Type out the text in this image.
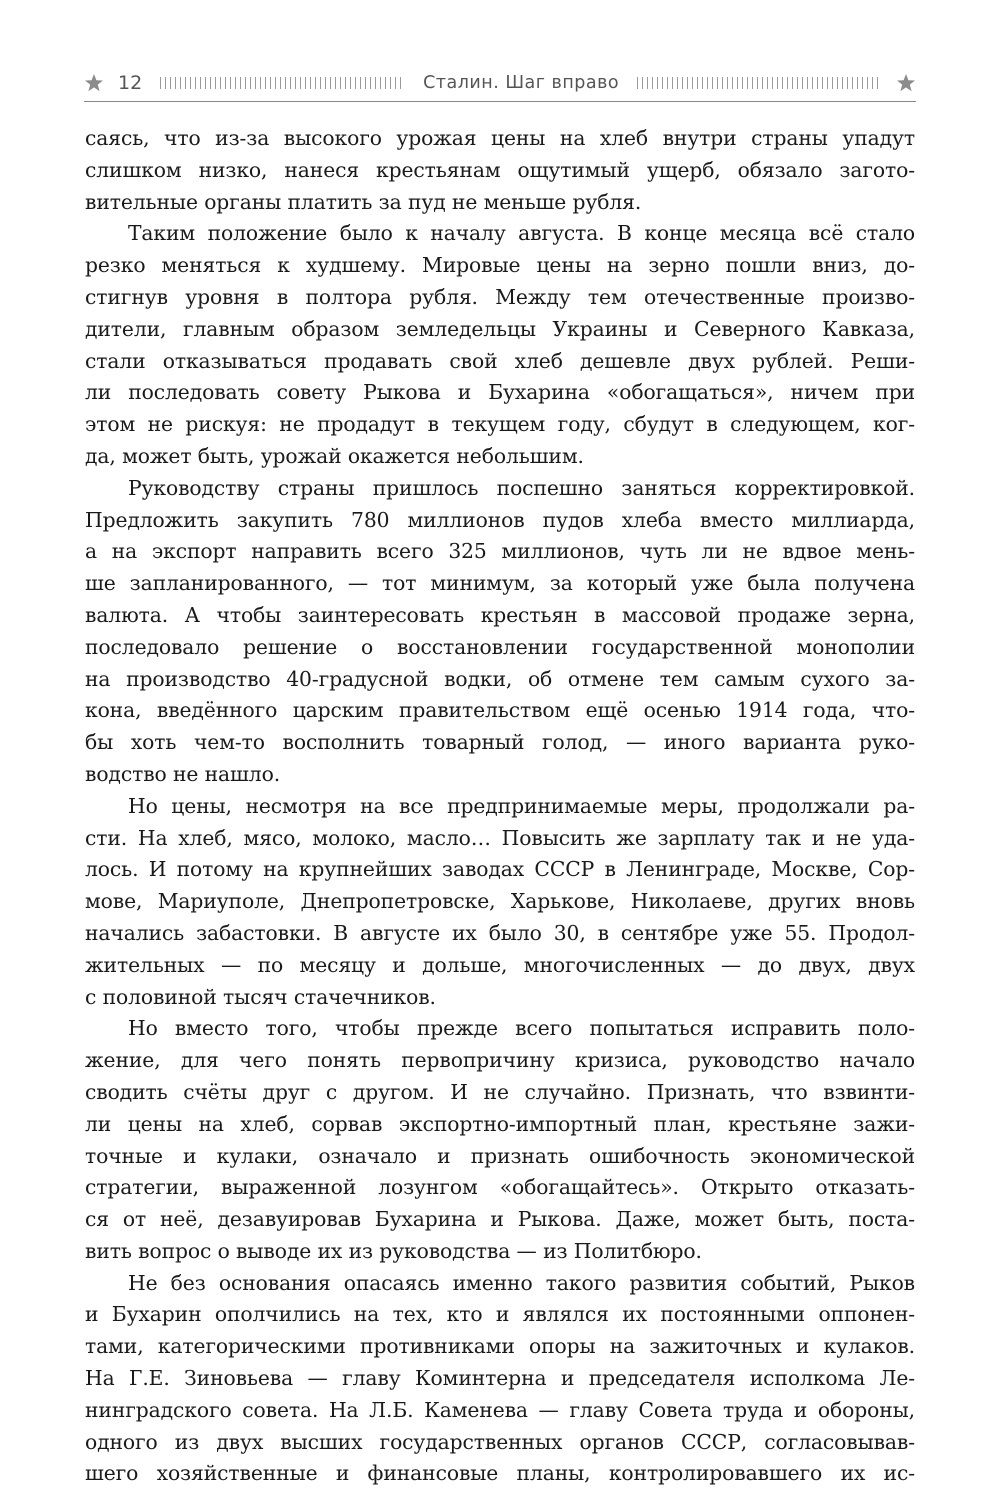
12	Сталин. Шаг вправо
саясь, что из-за высокого урожая цены на хлеб внутри страны упадут
слишком низко, нанеся крестьянам ощутимый ущерб, обязало загото-
вительные органы платить за пуд не меньше рубля.
Таким положение было к началу августа. В конце месяца всё стало
резко меняться к худшему. Мировые цены на зерно пошли вниз, до-
стигнув уровня в полтора рубля. Между тем отечественные произво-
дители, главным образом земледельцы Украины и Северного Кавказа,
стали отказываться продавать свой хлеб дешевле двух рублей. Реши-
ли последовать совету Рыкова и Бухарина «обогащаться», ничем при
этом не рискуя: не продадут в текущем году, сбудут в следующем, ког-
да, может быть, урожай окажется небольшим.
Руководству страны пришлось поспешно заняться корректировкой.
Предложить закупить 780 миллионов пудов хлеба вместо миллиарда,
а на экспорт направить всего 325 миллионов, чуть ли не вдвое мень-
ше запланированного, — тот минимум, за который уже была получена
валюта. А чтобы заинтересовать крестьян в массовой продаже зерна,
последовало решение о восстановлении государственной монополии
на производство 40-градусной водки, об отмене тем самым сухого за-
кона, введённого царским правительством ещё осенью 1914 года, что-
бы хоть чем-то восполнить товарный голод, — иного варианта руко-
водство не нашло.
Но цены, несмотря на все предпринимаемые меры, продолжали ра-
сти. На хлеб, мясо, молоко, масло… Повысить же зарплату так и не уда-
лось. И потому на крупнейших заводах СССР в Ленинграде, Москве, Сор-
мове, Мариуполе, Днепропетровске, Харькове, Николаеве, других вновь
начались забастовки. В августе их было 30, в сентябре уже 55. Продол-
жительных — по месяцу и дольше, многочисленных — до двух, двух
с половиной тысяч стачечников.
Но вместо того, чтобы прежде всего попытаться исправить поло-
жение, для чего понять первопричину кризиса, руководство начало
сводить счёты друг с другом. И не случайно. Признать, что взвинти-
ли цены на хлеб, сорвав экспортно-импортный план, крестьяне зажи-
точные и кулаки, означало и признать ошибочность экономической
стратегии, выраженной лозунгом «обогащайтесь». Открыто отказать-
ся от неё, дезавуировав Бухарина и Рыкова. Даже, может быть, поста-
вить вопрос о выводе их из руководства — из Политбюро.
Не без основания опасаясь именно такого развития событий, Рыков
и Бухарин ополчились на тех, кто и являлся их постоянными оппонен-
тами, категорическими противниками опоры на зажиточных и кулаков.
На Г.Е. Зиновьева — главу Коминтерна и председателя исполкома Ле-
нинградского совета. На Л.Б. Каменева — главу Совета труда и обороны,
одного из двух высших государственных органов СССР, согласовывав-
шего хозяйственные и финансовые планы, контролировавшего их ис-
